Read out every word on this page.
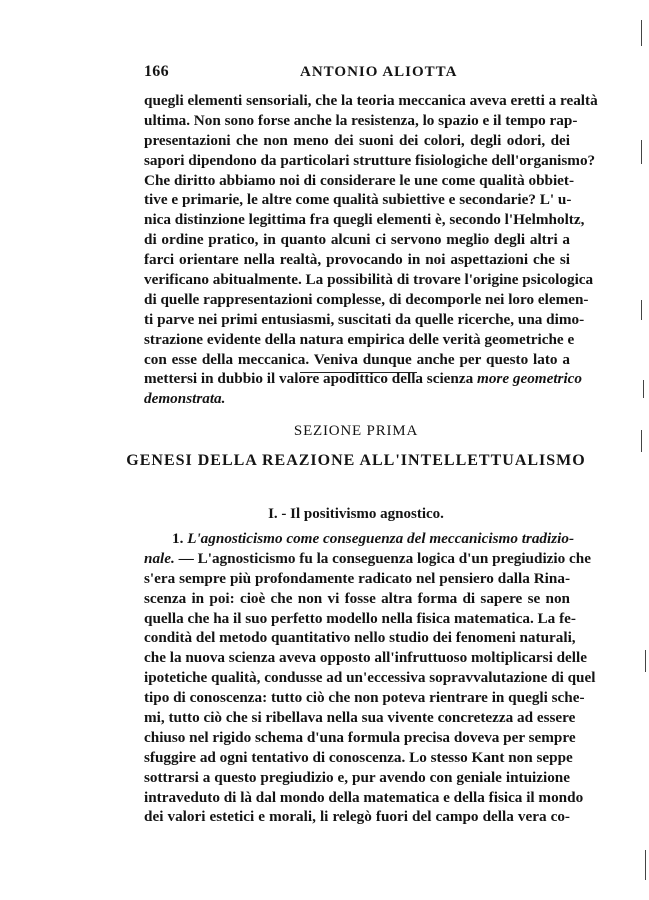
166	ANTONIO ALIOTTA
quegli elementi sensoriali, che la teoria meccanica aveva eretti a realtà
ultima. Non sono forse anche la resistenza, lo spazio e il tempo rap-
presentazioni che non meno dei suoni dei colori, degli odori, dei
sapori dipendono da particolari strutture fisiologiche dell'organismo?
Che diritto abbiamo noi di considerare le une come qualità obbiet-
tive e primarie, le altre come qualità subiettive e secondarie? L' u-
nica distinzione legittima fra quegli elementi è, secondo l'Helmholtz,
di ordine pratico, in quanto alcuni ci servono meglio degli altri a
farci orientare nella realtà, provocando in noi aspettazioni che si
verificano abitualmente. La possibilità di trovare l'origine psicologica
di quelle rappresentazioni complesse, di decomporle nei loro elemen-
ti parve nei primi entusiasmi, suscitati da quelle ricerche, una dimo-
strazione evidente della natura empirica delle verità geometriche e
con esse della meccanica. Veniva dunque anche per questo lato a
mettersi in dubbio il valore apodittico della scienza more geometrico
demonstrata.
SEZIONE PRIMA
GENESI DELLA REAZIONE ALL'INTELLETTUALISMO
I. - Il positivismo agnostico.
1. L'agnosticismo come conseguenza del meccanicismo tradizio-
nale. — L'agnosticismo fu la conseguenza logica d'un pregiudizio che
s'era sempre più profondamente radicato nel pensiero dalla Rina-
scenza in poi: cioè che non vi fosse altra forma di sapere se non
quella che ha il suo perfetto modello nella fisica matematica. La fe-
condità del metodo quantitativo nello studio dei fenomeni naturali,
che la nuova scienza aveva opposto all'infruttuoso moltiplicarsi delle
ipotetiche qualità, condusse ad un'eccessiva sopravvalutazione di quel
tipo di conoscenza: tutto ciò che non poteva rientrare in quegli sche-
mi, tutto ciò che si ribellava nella sua vivente concretezza ad essere
chiuso nel rigido schema d'una formula precisa doveva per sempre
sfuggire ad ogni tentativo di conoscenza. Lo stesso Kant non seppe
sottrarsi a questo pregiudizio e, pur avendo con geniale intuizione
intraveduto di là dal mondo della matematica e della fisica il mondo
dei valori estetici e morali, li relegò fuori del campo della vera co-
